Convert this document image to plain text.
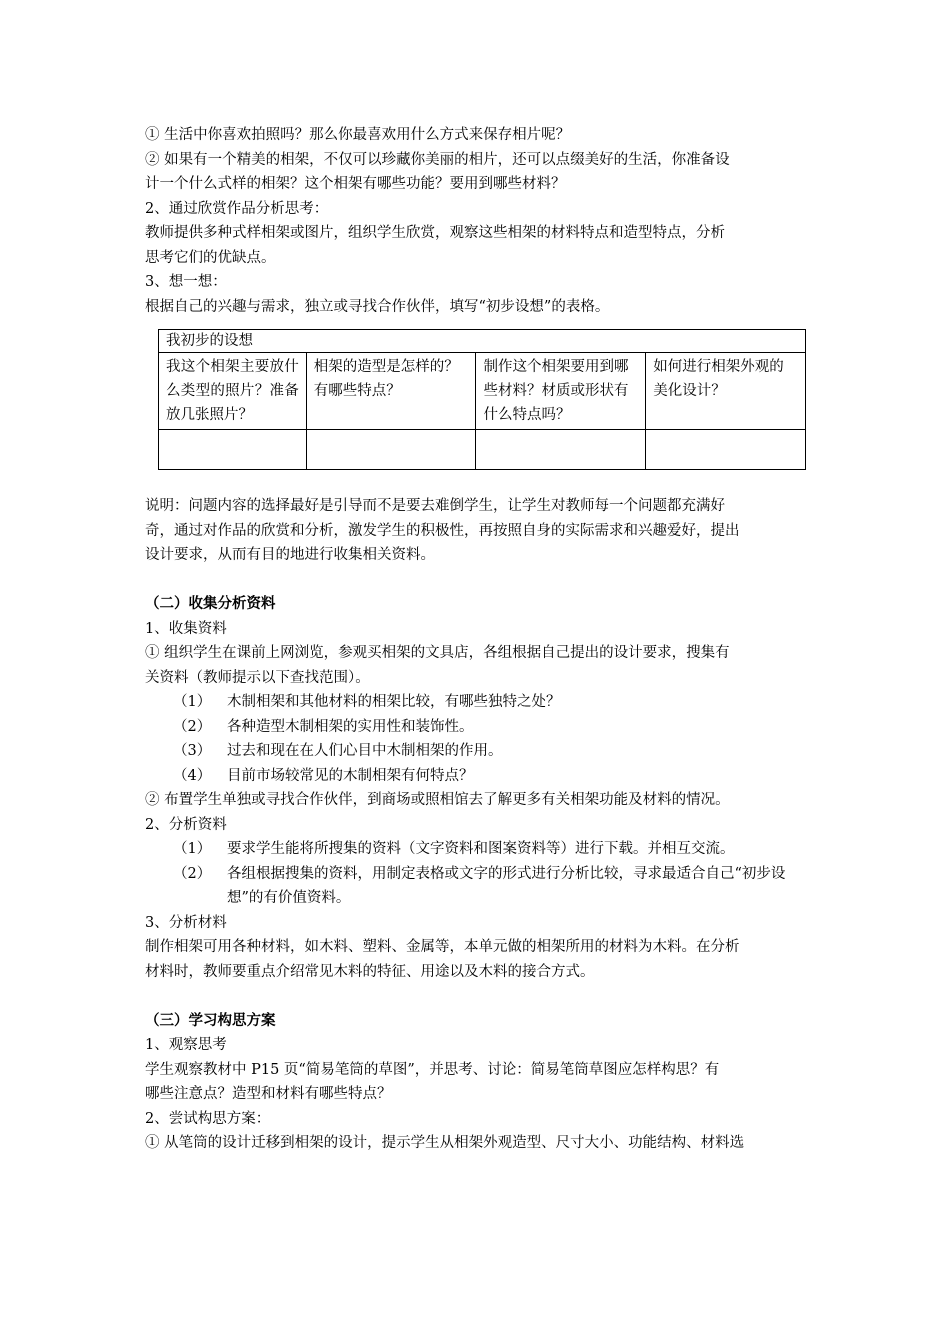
① 生活中你喜欢拍照吗？那么你最喜欢用什么方式来保存相片呢？

② 如果有一个精美的相架，不仅可以珍藏你美丽的相片，还可以点缀美好的生活，你准备设

计一个什么式样的相架？这个相架有哪些功能？要用到哪些材料？

2、通过欣赏作品分析思考：

教师提供多种式样相架或图片，组织学生欣赏，观察这些相架的材料特点和造型特点，分析

思考它们的优缺点。

3、想一想：

根据自己的兴趣与需求，独立或寻找合作伙伴，填写“初步设想”的表格。

我初步的设想			
我这个相架主要放什么类型的照片？准备放几张照片？	相架的造型是怎样的？有哪些特点？	制作这个相架要用到哪些材料？材质或形状有什么特点吗？	如何进行相架外观的美化设计？

说明：问题内容的选择最好是引导而不是要去难倒学生，让学生对教师每一个问题都充满好

奇，通过对作品的欣赏和分析，激发学生的积极性，再按照自身的实际需求和兴趣爱好，提出

设计要求，从而有目的地进行收集相关资料。

（二）收集分析资料

1、收集资料

① 组织学生在课前上网浏览，参观买相架的文具店，各组根据自己提出的设计要求，搜集有

关资料（教师提示以下查找范围）。

（1） 木制相架和其他材料的相架比较，有哪些独特之处？
（2） 各种造型木制相架的实用性和装饰性。
（3） 过去和现在在人们心目中木制相架的作用。
（4） 目前市场较常见的木制相架有何特点？

② 布置学生单独或寻找合作伙伴，到商场或照相馆去了解更多有关相架功能及材料的情况。

2、分析资料

（1） 要求学生能将所搜集的资料（文字资料和图案资料等）进行下载。并相互交流。
（2） 各组根据搜集的资料，用制定表格或文字的形式进行分析比较，寻求最适合自己“初步设想”的有价值资料。

3、分析材料

制作相架可用各种材料，如木料、塑料、金属等，本单元做的相架所用的材料为木料。在分析

材料时，教师要重点介绍常见木料的特征、用途以及木料的接合方式。

（三）学习构思方案

1、观察思考

学生观察教材中 P15 页“简易笔筒的草图”，并思考、讨论：简易笔筒草图应怎样构思？有

哪些注意点？造型和材料有哪些特点？

2、尝试构思方案：

① 从笔筒的设计迁移到相架的设计，提示学生从相架外观造型、尺寸大小、功能结构、材料选
